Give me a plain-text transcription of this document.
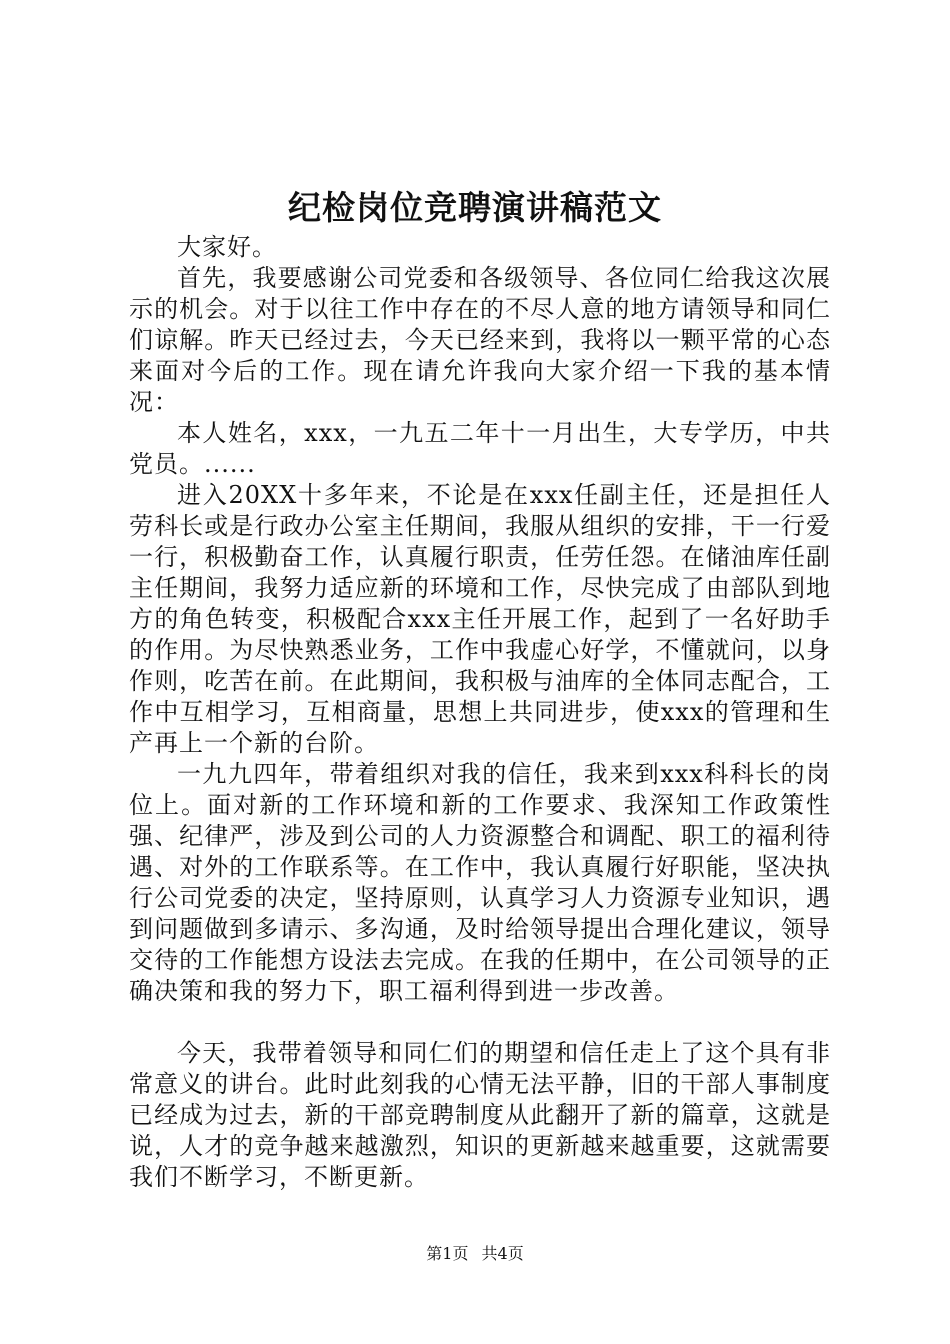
纪检岗位竞聘演讲稿范文

大家好。

首先，我要感谢公司党委和各级领导、各位同仁给我这次展示的机会。对于以往工作中存在的不尽人意的地方请领导和同仁们谅解。昨天已经过去，今天已经来到，我将以一颗平常的心态来面对今后的工作。现在请允许我向大家介绍一下我的基本情况：

本人姓名，xxx，一九五二年十一月出生，大专学历，中共党员。......

进入20XX十多年来，不论是在xxx任副主任，还是担任人劳科长或是行政办公室主任期间，我服从组织的安排，干一行爱一行，积极勤奋工作，认真履行职责，任劳任怨。在储油库任副主任期间，我努力适应新的环境和工作，尽快完成了由部队到地方的角色转变，积极配合xxx主任开展工作，起到了一名好助手的作用。为尽快熟悉业务，工作中我虚心好学，不懂就问，以身作则，吃苦在前。在此期间，我积极与油库的全体同志配合，工作中互相学习，互相商量，思想上共同进步，使xxx的管理和生产再上一个新的台阶。

一九九四年，带着组织对我的信任，我来到xxx科科长的岗位上。面对新的工作环境和新的工作要求、我深知工作政策性强、纪律严，涉及到公司的人力资源整合和调配、职工的福利待遇、对外的工作联系等。在工作中，我认真履行好职能，坚决执行公司党委的决定，坚持原则，认真学习人力资源专业知识，遇到问题做到多请示、多沟通，及时给领导提出合理化建议，领导交待的工作能想方设法去完成。在我的任期中，在公司领导的正确决策和我的努力下，职工福利得到进一步改善。

今天，我带着领导和同仁们的期望和信任走上了这个具有非常意义的讲台。此时此刻我的心情无法平静，旧的干部人事制度已经成为过去，新的干部竞聘制度从此翻开了新的篇章，这就是说，人才的竞争越来越激烈，知识的更新越来越重要，这就需要我们不断学习，不断更新。

第1页 共4页
